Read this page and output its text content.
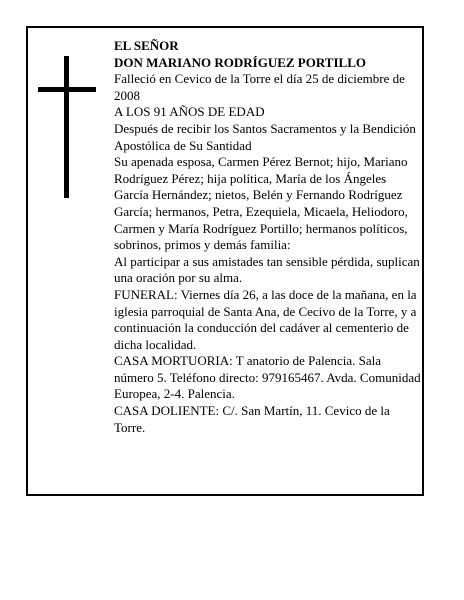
EL SEÑOR

DON MARIANO RODRÍGUEZ PORTILLO

Falleció en Cevico de la Torre el día 25 de diciembre de 2008

A LOS 91 AÑOS DE EDAD

Después de recibir los Santos Sacramentos y la Bendición Apostólica de Su Santidad

Su apenada esposa, Carmen Pérez Bernot; hijo, Mariano Rodríguez Pérez; hija política, María de los Ángeles García Hernández; nietos, Belén y Fernando Rodríguez García; hermanos, Petra, Ezequiela, Micaela, Heliodoro, Carmen y María Rodríguez Portillo; hermanos políticos, sobrinos, primos y demás familia:

Al participar a sus amistades tan sensible pérdida, suplican una oración por su alma.

FUNERAL: Viernes día 26, a las doce de la mañana, en la iglesia parroquial de Santa Ana, de Cecivo de la Torre, y a continuación la conducción del cadáver al cementerio de dicha localidad.

CASA MORTUORIA: T anatorio de Palencia. Sala número 5. Teléfono directo: 979165467. Avda. Comunidad Europea, 2-4. Palencia.

CASA DOLIENTE: C/. San Martín, 11. Cevico de la Torre.
